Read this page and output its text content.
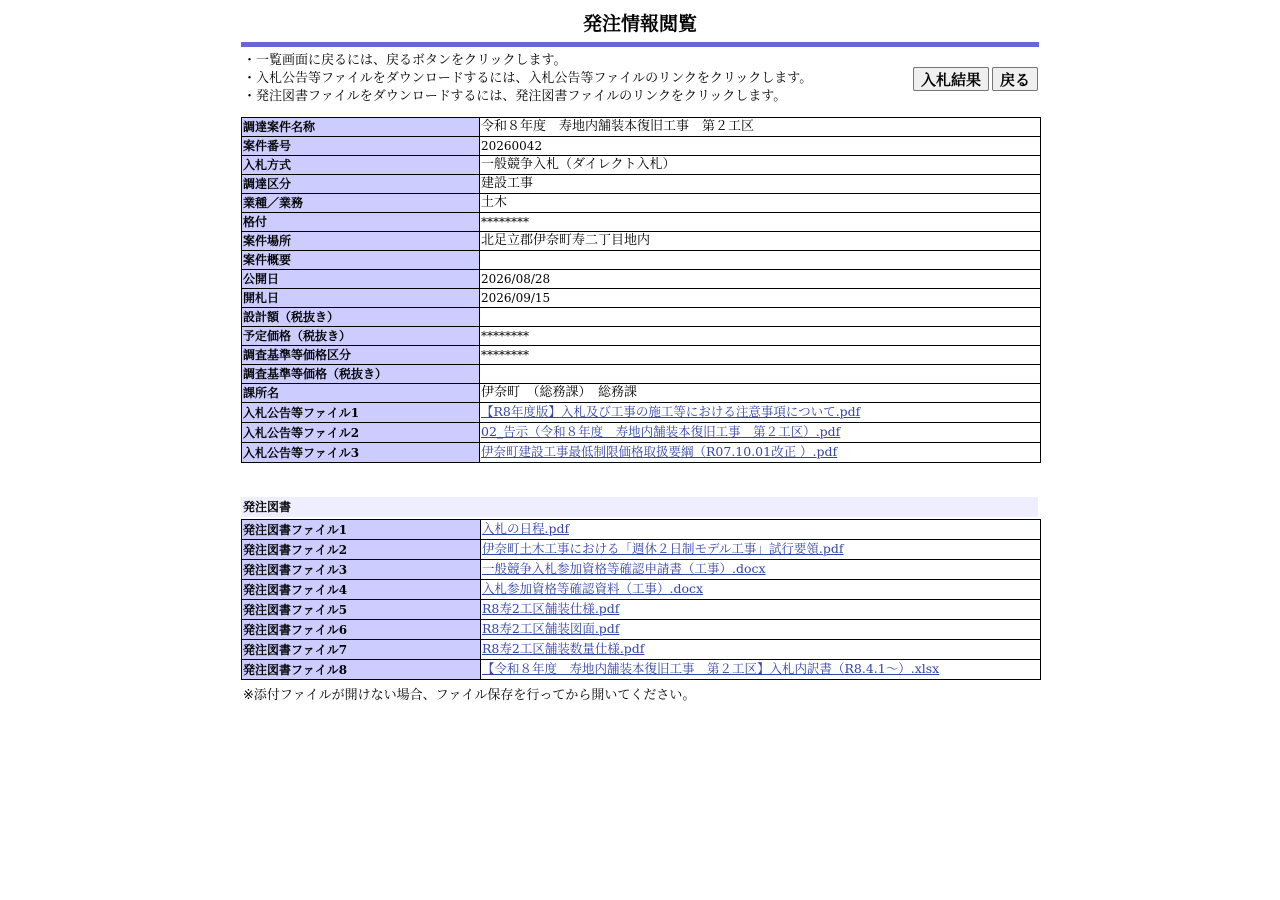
発注情報閲覧
・一覧画面に戻るには、戻るボタンをクリックします。
・入札公告等ファイルをダウンロードするには、入札公告等ファイルのリンクをクリックします。
・発注図書ファイルをダウンロードするには、発注図書ファイルのリンクをクリックします。
入札結果	戻る
調達案件名称	令和８年度　寿地内舗装本復旧工事　第２工区
案件番号	20260042
入札方式	一般競争入札（ダイレクト入札）
調達区分	建設工事
業種／業務	土木
格付	********
案件場所	北足立郡伊奈町寿二丁目地内
案件概要	
公開日	2026/08/28
開札日	2026/09/15
設計額（税抜き）	
予定価格（税抜き）	********
調査基準等価格区分	********
調査基準等価格（税抜き）	
課所名	伊奈町　（総務課）　総務課
入札公告等ファイル1	【R8年度版】入札及び工事の施工等における注意事項について.pdf
入札公告等ファイル2	02_告示（令和８年度　寿地内舗装本復旧工事　第２工区）.pdf
入札公告等ファイル3	伊奈町建設工事最低制限価格取扱要綱（R07.10.01改正 ）.pdf
発注図書
発注図書ファイル1	入札の日程.pdf
発注図書ファイル2	伊奈町土木工事における「週休２日制モデル工事」試行要領.pdf
発注図書ファイル3	一般競争入札参加資格等確認申請書（工事）.docx
発注図書ファイル4	入札参加資格等確認資料（工事）.docx
発注図書ファイル5	R8寿2工区舗装仕様.pdf
発注図書ファイル6	R8寿2工区舗装図面.pdf
発注図書ファイル7	R8寿2工区舗装数量仕様.pdf
発注図書ファイル8	【令和８年度　寿地内舗装本復旧工事　第２工区】入札内訳書（R8.4.1～）.xlsx
※添付ファイルが開けない場合、ファイル保存を行ってから開いてください。
